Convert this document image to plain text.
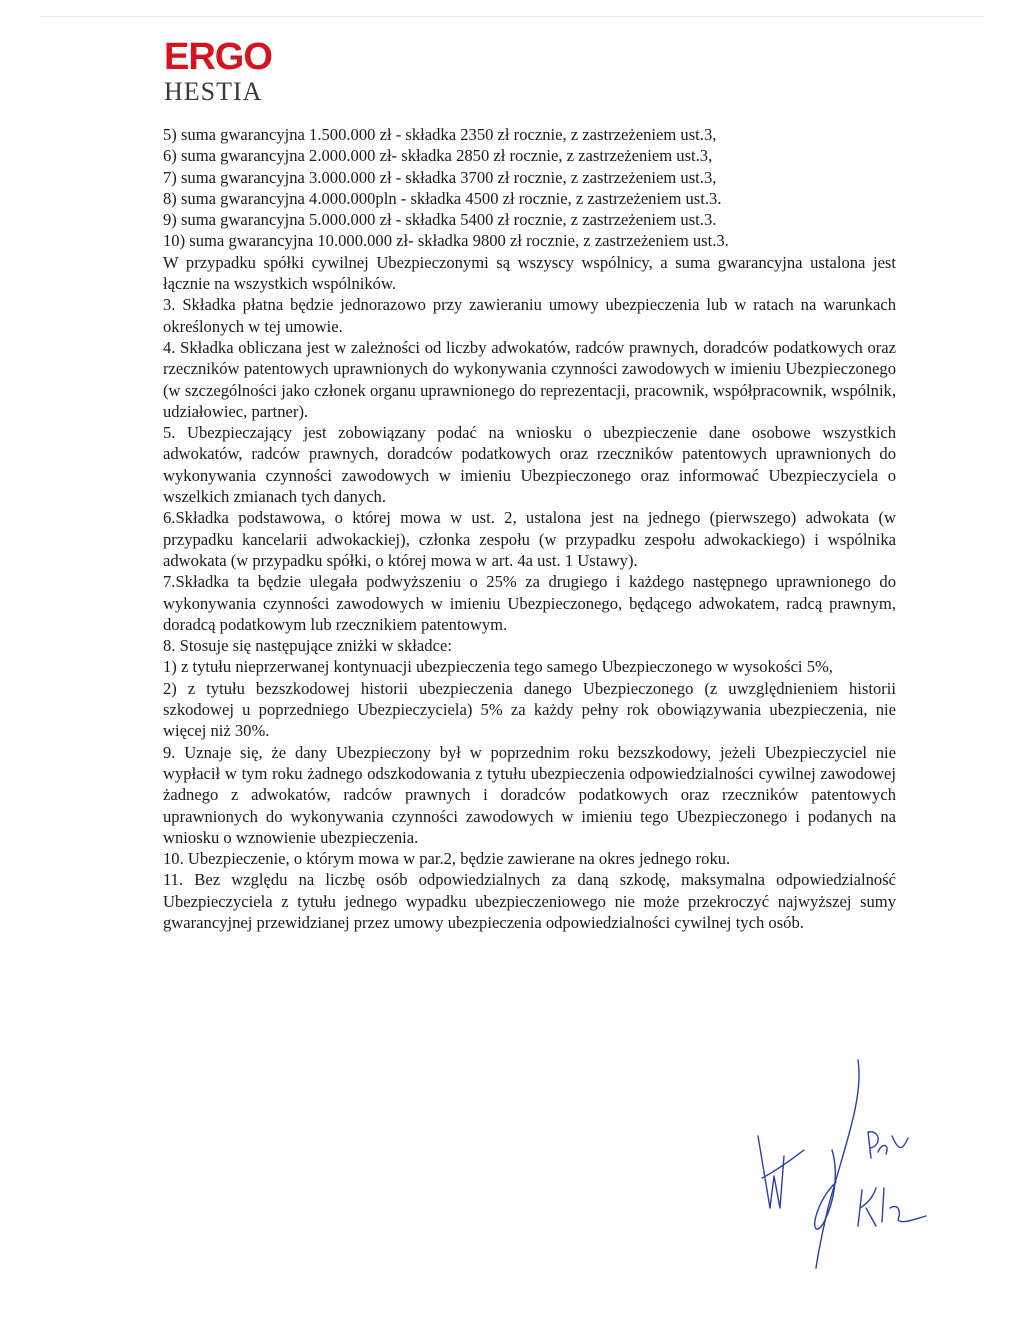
ERGO
HESTIA

5) suma gwarancyjna 1.500.000 zł - składka 2350 zł rocznie, z zastrzeżeniem ust.3,

6) suma gwarancyjna 2.000.000 zł- składka 2850 zł rocznie, z zastrzeżeniem ust.3,

7) suma gwarancyjna 3.000.000 zł - składka 3700 zł rocznie, z zastrzeżeniem ust.3,

8) suma gwarancyjna 4.000.000pln - składka 4500 zł rocznie, z zastrzeżeniem ust.3.

9) suma gwarancyjna 5.000.000 zł - składka 5400 zł rocznie, z zastrzeżeniem ust.3.

10) suma gwarancyjna 10.000.000 zł- składka 9800 zł rocznie, z zastrzeżeniem ust.3.

W przypadku spółki cywilnej Ubezpieczonymi są wszyscy wspólnicy, a suma gwarancyjna ustalona jest łącznie na wszystkich wspólników.

3. Składka płatna będzie jednorazowo przy zawieraniu umowy ubezpieczenia lub w ratach na warunkach określonych w tej umowie.

4. Składka obliczana jest w zależności od liczby adwokatów, radców prawnych, doradców podatkowych oraz rzeczników patentowych uprawnionych do wykonywania czynności zawodowych w imieniu Ubezpieczonego (w szczególności jako członek organu uprawnionego do reprezentacji, pracownik, współpracownik, wspólnik, udziałowiec, partner).

5. Ubezpieczający jest zobowiązany podać na wniosku o ubezpieczenie dane osobowe wszystkich adwokatów, radców prawnych, doradców podatkowych oraz rzeczników patentowych uprawnionych do wykonywania czynności zawodowych w imieniu Ubezpieczonego oraz informować Ubezpieczyciela o wszelkich zmianach tych danych.

6.Składka podstawowa, o której mowa w ust. 2, ustalona jest na jednego (pierwszego) adwokata (w przypadku kancelarii adwokackiej), członka zespołu (w przypadku zespołu adwokackiego) i wspólnika adwokata (w przypadku spółki, o której mowa w art. 4a ust. 1 Ustawy).

7.Składka ta będzie ulegała podwyższeniu o 25% za drugiego i każdego następnego uprawnionego do wykonywania czynności zawodowych w imieniu Ubezpieczonego, będącego adwokatem, radcą prawnym, doradcą podatkowym lub rzecznikiem patentowym.

8. Stosuje się następujące zniżki w składce:

1) z tytułu nieprzerwanej kontynuacji ubezpieczenia tego samego Ubezpieczonego w wysokości 5%,

2) z tytułu bezszkodowej historii ubezpieczenia danego Ubezpieczonego (z uwzględnieniem historii szkodowej u poprzedniego Ubezpieczyciela) 5% za każdy pełny rok obowiązywania ubezpieczenia, nie więcej niż 30%.

9. Uznaje się, że dany Ubezpieczony był w poprzednim roku bezszkodowy, jeżeli Ubezpieczyciel nie wypłacił w tym roku żadnego odszkodowania z tytułu ubezpieczenia odpowiedzialności cywilnej zawodowej żadnego z adwokatów, radców prawnych i doradców podatkowych oraz rzeczników patentowych uprawnionych do wykonywania czynności zawodowych w imieniu tego Ubezpieczonego i podanych na wniosku o wznowienie ubezpieczenia.

10. Ubezpieczenie, o którym mowa w par.2, będzie zawierane na okres jednego roku.

11. Bez względu na liczbę osób odpowiedzialnych za daną szkodę, maksymalna odpowiedzialność Ubezpieczyciela z tytułu jednego wypadku ubezpieczeniowego nie może przekroczyć najwyższej sumy gwarancyjnej przewidzianej przez umowy ubezpieczenia odpowiedzialności cywilnej tych osób.
